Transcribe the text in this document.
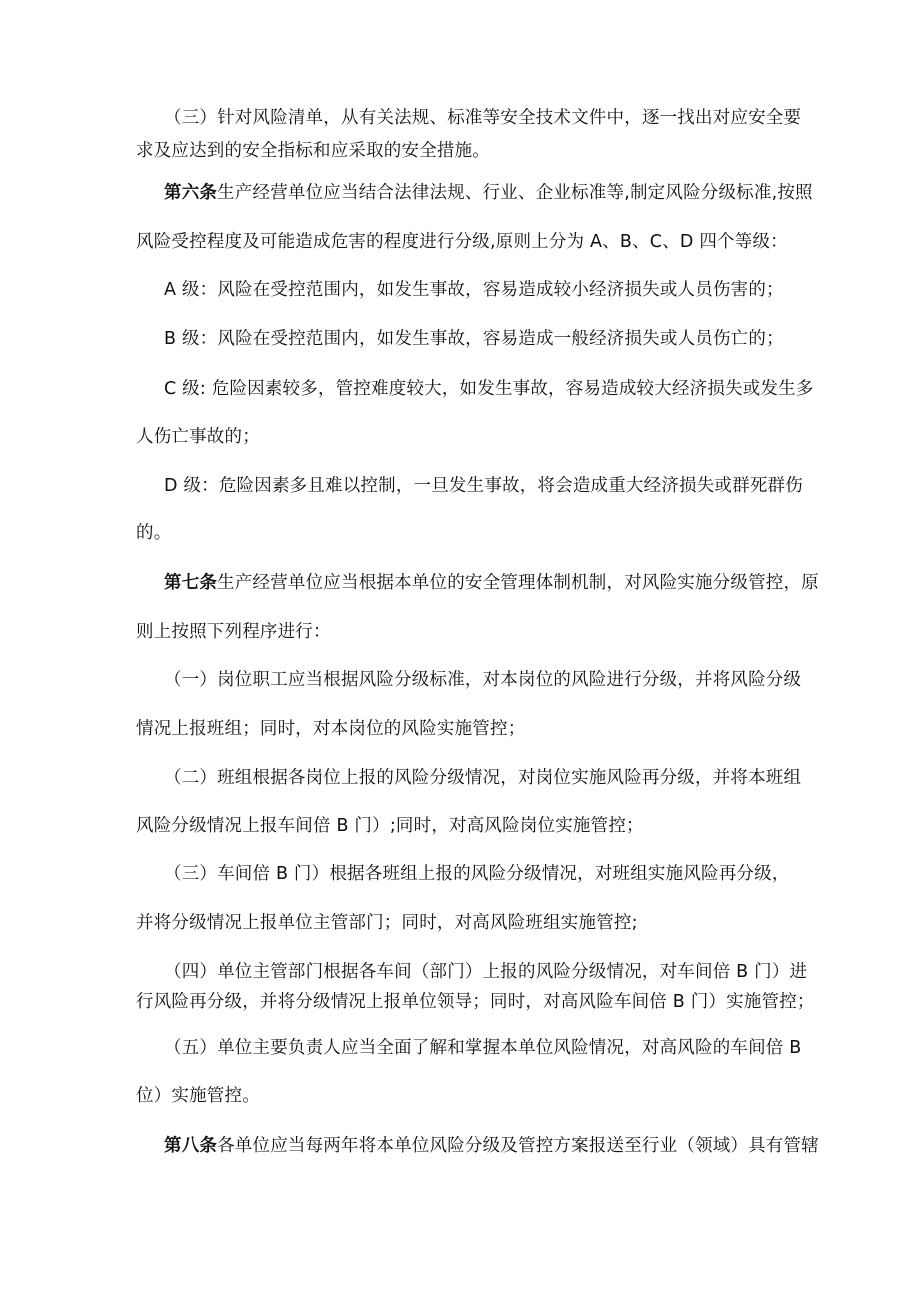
（三）针对风险清单，从有关法规、标准等安全技术文件中，逐一找出对应安全要
求及应达到的安全指标和应采取的安全措施。
第六条生产经营单位应当结合法律法规、行业、企业标准等,制定风险分级标准,按照
风险受控程度及可能造成危害的程度进行分级,原则上分为 A、B、C、D 四个等级：
A 级：风险在受控范围内，如发生事故，容易造成较小经济损失或人员伤害的；
B 级：风险在受控范围内，如发生事故，容易造成一般经济损失或人员伤亡的；
C 级: 危险因素较多，管控难度较大，如发生事故，容易造成较大经济损失或发生多
人伤亡事故的；
D 级：危险因素多且难以控制，一旦发生事故，将会造成重大经济损失或群死群伤
的。
第七条生产经营单位应当根据本单位的安全管理体制机制，对风险实施分级管控，原
则上按照下列程序进行：
（一）岗位职工应当根据风险分级标准，对本岗位的风险进行分级，并将风险分级
情况上报班组；同时，对本岗位的风险实施管控；
（二）班组根据各岗位上报的风险分级情况，对岗位实施风险再分级，并将本班组
风险分级情况上报车间倍 B 门）;同时，对高风险岗位实施管控；
（三）车间倍 B 门）根据各班组上报的风险分级情况，对班组实施风险再分级，
并将分级情况上报单位主管部门；同时，对高风险班组实施管控;
（四）单位主管部门根据各车间（部门）上报的风险分级情况，对车间倍 B 门）进
行风险再分级，并将分级情况上报单位领导；同时，对高风险车间倍 B 门）实施管控；
（五）单位主要负责人应当全面了解和掌握本单位风险情况，对高风险的车间倍 B
位）实施管控。
第八条各单位应当每两年将本单位风险分级及管控方案报送至行业（领域）具有管辖
